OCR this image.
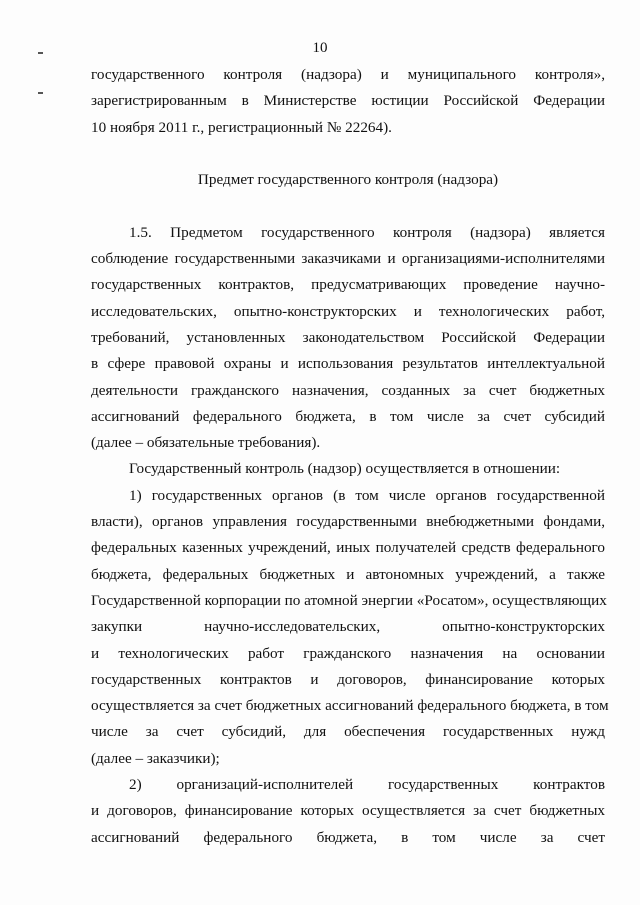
10
государственного контроля (надзора) и муниципального контроля»,
зарегистрированным в Министерстве юстиции Российской Федерации
10 ноября 2011 г., регистрационный № 22264).
Предмет государственного контроля (надзора)
1.5. Предметом государственного контроля (надзора) является
соблюдение государственными заказчиками и организациями-исполнителями
государственных контрактов, предусматривающих проведение научно-
исследовательских, опытно-конструкторских и технологических работ,
требований, установленных законодательством Российской Федерации
в сфере правовой охраны и использования результатов интеллектуальной
деятельности гражданского назначения, созданных за счет бюджетных
ассигнований федерального бюджета, в том числе за счет субсидий
(далее – обязательные требования).
Государственный контроль (надзор) осуществляется в отношении:
1) государственных органов (в том числе органов государственной
власти), органов управления государственными внебюджетными фондами,
федеральных казенных учреждений, иных получателей средств федерального
бюджета, федеральных бюджетных и автономных учреждений, а также
Государственной корпорации по атомной энергии «Росатом», осуществляющих
закупки научно-исследовательских, опытно-конструкторских
и технологических работ гражданского назначения на основании
государственных контрактов и договоров, финансирование которых
осуществляется за счет бюджетных ассигнований федерального бюджета, в том
числе за счет субсидий, для обеспечения государственных нужд
(далее – заказчики);
2) организаций-исполнителей государственных контрактов
и договоров, финансирование которых осуществляется за счет бюджетных
ассигнований федерального бюджета, в том числе за счет
